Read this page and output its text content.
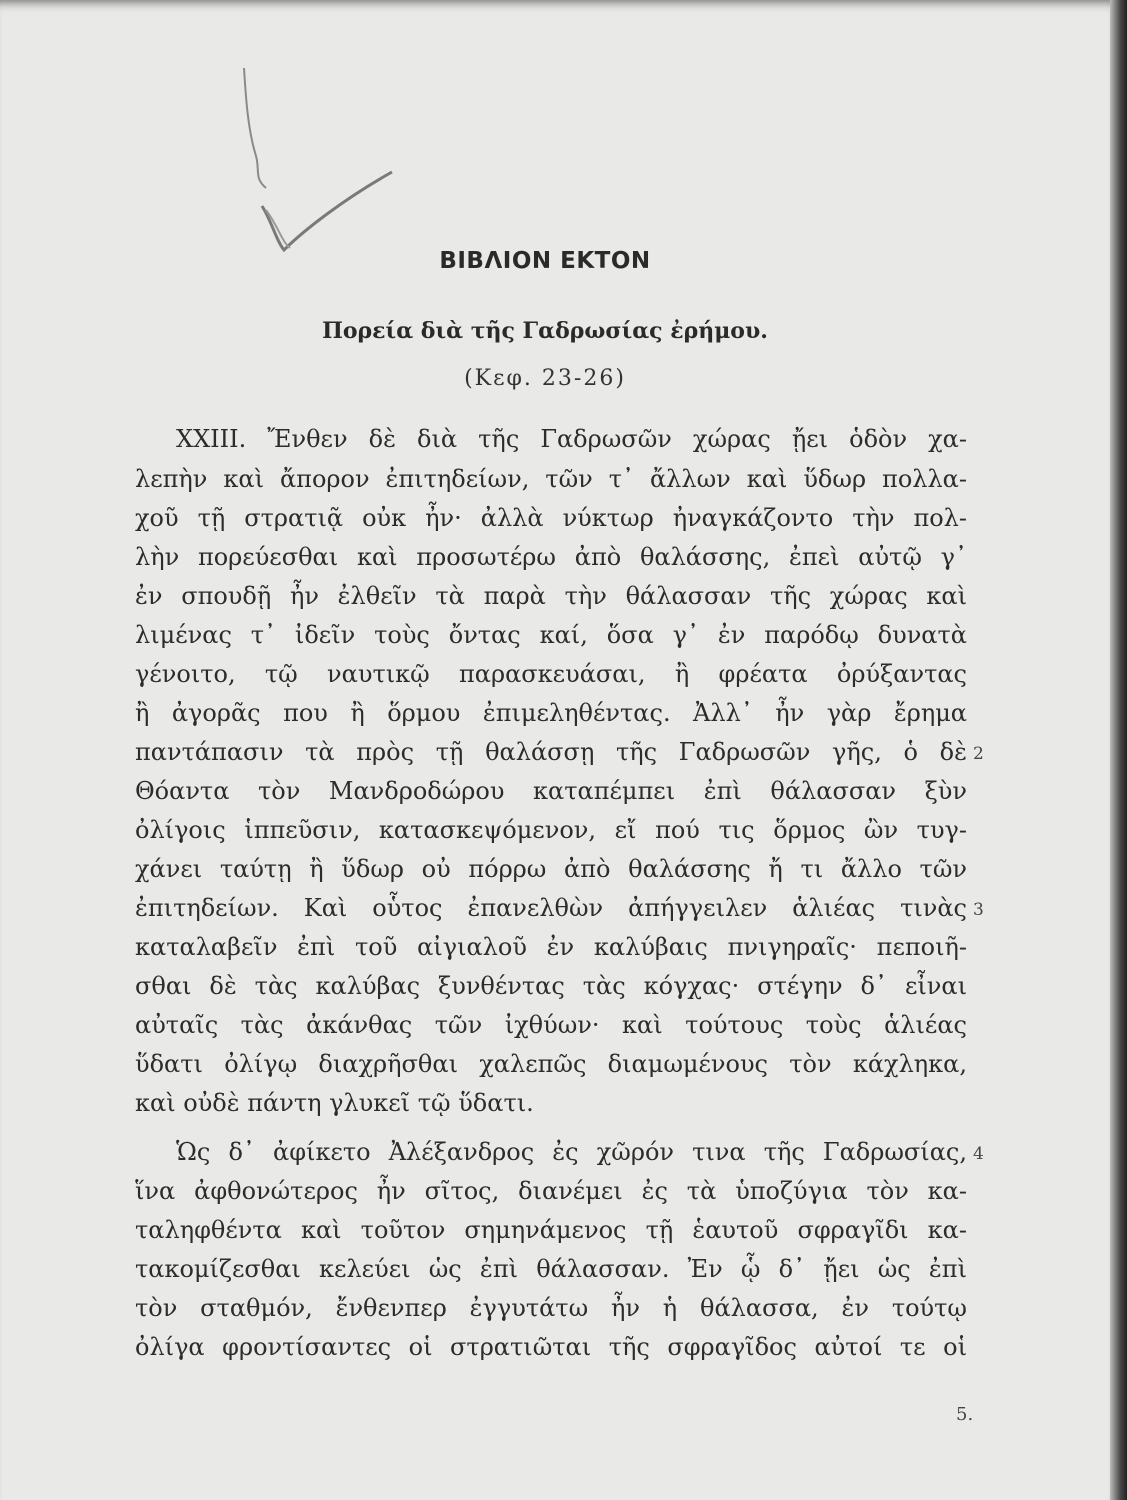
ΒΙΒΛΙΟΝ ΕΚΤΟΝ
Πορεία διὰ τῆς Γαδρωσίας ἐρήμου.
(Κεφ. 23-26)
XXIII. Ἔνθεν δὲ διὰ τῆς Γαδρωσῶν χώρας ᾔει ὁδὸν χα-
λεπὴν καὶ ἄπορον ἐπιτηδείων, τῶν τ᾽ ἄλλων καὶ ὕδωρ πολλα-
χοῦ τῇ στρατιᾷ οὐκ ἦν· ἀλλὰ νύκτωρ ἠναγκάζοντο τὴν πολ-
λὴν πορεύεσθαι καὶ προσωτέρω ἀπὸ θαλάσσης, ἐπεὶ αὐτῷ γ᾽
ἐν σπουδῇ ἦν ἐλθεῖν τὰ παρὰ τὴν θάλασσαν τῆς χώρας καὶ
λιμένας τ᾽ ἰδεῖν τοὺς ὄντας καί, ὅσα γ᾽ ἐν παρόδῳ δυνατὰ
γένοιτο, τῷ ναυτικῷ παρασκευάσαι, ἢ φρέατα ὀρύξαντας
ἢ ἀγορᾶς που ἢ ὅρμου ἐπιμεληθέντας. Ἀλλ᾽ ἦν γὰρ ἔρημα
παντάπασιν τὰ πρὸς τῇ θαλάσσῃ τῆς Γαδρωσῶν γῆς, ὁ δὲ
Θόαντα τὸν Μανδροδώρου καταπέμπει ἐπὶ θάλασσαν ξὺν
ὀλίγοις ἱππεῦσιν, κατασκεψόμενον, εἴ πού τις ὅρμος ὢν τυγ-
χάνει ταύτῃ ἢ ὕδωρ οὐ πόρρω ἀπὸ θαλάσσης ἤ τι ἄλλο τῶν
ἐπιτηδείων. Καὶ οὗτος ἐπανελθὼν ἀπήγγειλεν ἁλιέας τινὰς
καταλαβεῖν ἐπὶ τοῦ αἰγιαλοῦ ἐν καλύβαις πνιγηραῖς· πεποιῆ-
σθαι δὲ τὰς καλύβας ξυνθέντας τὰς κόγχας· στέγην δ᾽ εἶναι
αὐταῖς τὰς ἀκάνθας τῶν ἰχθύων· καὶ τούτους τοὺς ἁλιέας
ὕδατι ὀλίγῳ διαχρῆσθαι χαλεπῶς διαμωμένους τὸν κάχληκα,
καὶ οὐδὲ πάντη γλυκεῖ τῷ ὕδατι.
Ὡς δ᾽ ἀφίκετο Ἀλέξανδρος ἐς χῶρόν τινα τῆς Γαδρωσίας,
ἵνα ἀφθονώτερος ἦν σῖτος, διανέμει ἐς τὰ ὑποζύγια τὸν κα-
ταληφθέντα καὶ τοῦτον σημηνάμενος τῇ ἑαυτοῦ σφραγῖδι κα-
τακομίζεσθαι κελεύει ὡς ἐπὶ θάλασσαν. Ἐν ᾧ δ᾽ ᾔει ὡς ἐπὶ
τὸν σταθμόν, ἔνθενπερ ἐγγυτάτω ἦν ἡ θάλασσα, ἐν τούτῳ
ὀλίγα φροντίσαντες οἱ στρατιῶται τῆς σφραγῖδος αὐτοί τε οἱ
2
3
4
5.
